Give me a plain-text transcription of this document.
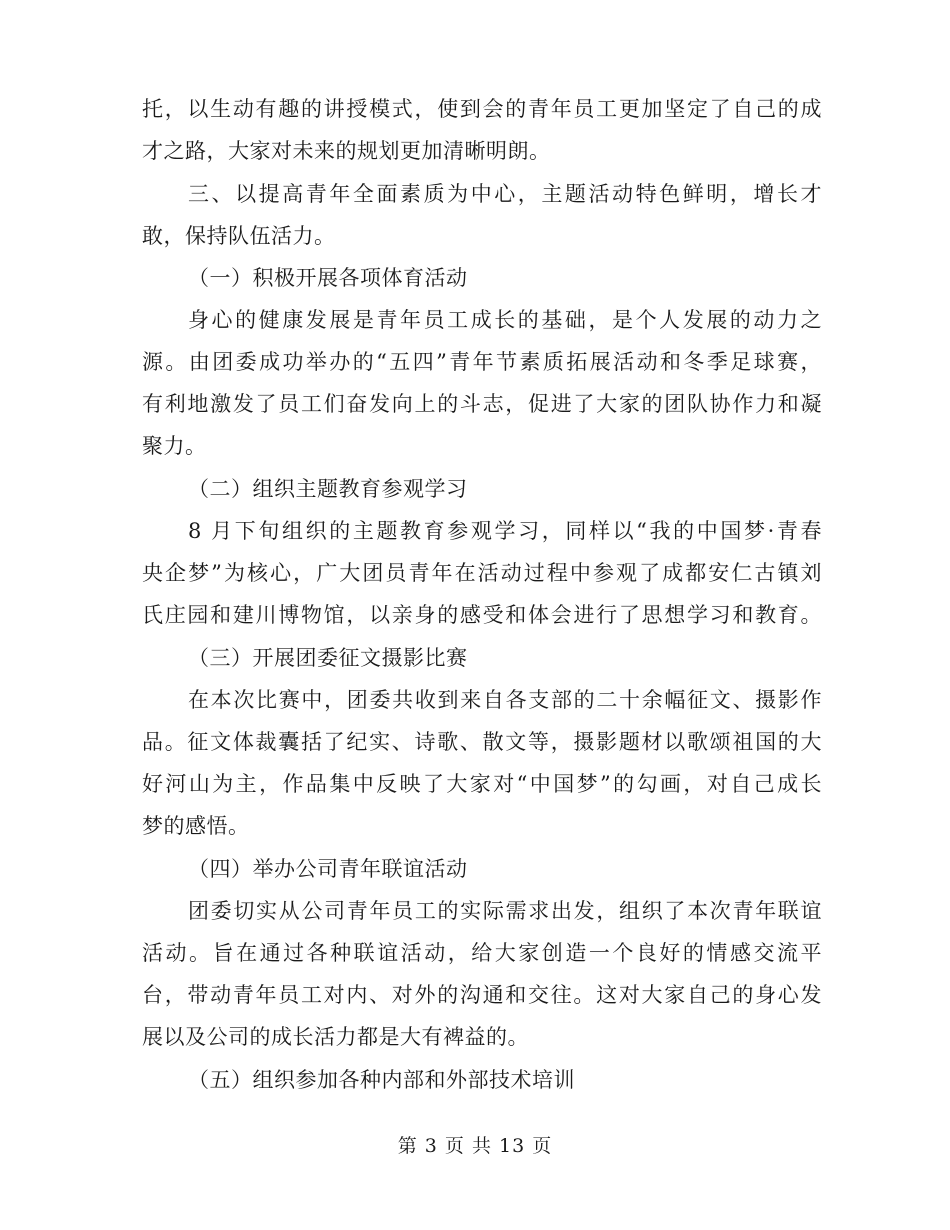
托，以生动有趣的讲授模式，使到会的青年员工更加坚定了自己的成
才之路，大家对未来的规划更加清晰明朗。
三、以提高青年全面素质为中心，主题活动特色鲜明，增长才
敢，保持队伍活力。
（一）积极开展各项体育活动
身心的健康发展是青年员工成长的基础，是个人发展的动力之
源。由团委成功举办的“五四”青年节素质拓展活动和冬季足球赛，
有利地激发了员工们奋发向上的斗志，促进了大家的团队协作力和凝
聚力。
（二）组织主题教育参观学习
8 月下旬组织的主题教育参观学习，同样以“我的中国梦·青春
央企梦”为核心，广大团员青年在活动过程中参观了成都安仁古镇刘
氏庄园和建川博物馆，以亲身的感受和体会进行了思想学习和教育。
（三）开展团委征文摄影比赛
在本次比赛中，团委共收到来自各支部的二十余幅征文、摄影作
品。征文体裁囊括了纪实、诗歌、散文等，摄影题材以歌颂祖国的大
好河山为主，作品集中反映了大家对“中国梦”的勾画，对自己成长
梦的感悟。
（四）举办公司青年联谊活动
团委切实从公司青年员工的实际需求出发，组织了本次青年联谊
活动。旨在通过各种联谊活动，给大家创造一个良好的情感交流平
台，带动青年员工对内、对外的沟通和交往。这对大家自己的身心发
展以及公司的成长活力都是大有裨益的。
（五）组织参加各种内部和外部技术培训
第 3 页 共 13 页
